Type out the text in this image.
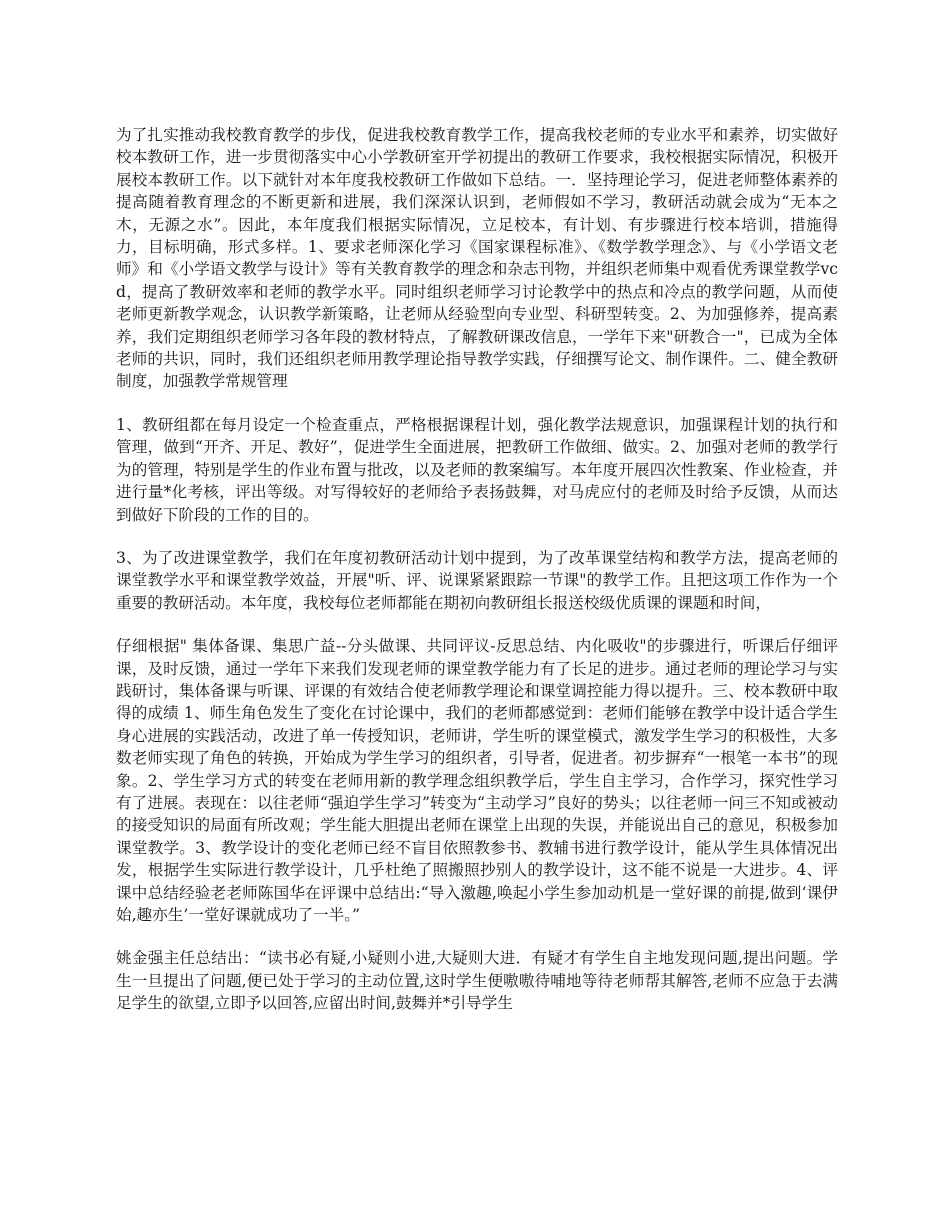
为了扎实推动我校教育教学的步伐，促进我校教育教学工作，提高我校老师的专业水平和素养，切实做好校本教研工作，进一步贯彻落实中心小学教研室开学初提出的教研工作要求，我校根据实际情况，积极开展校本教研工作。以下就针对本年度我校教研工作做如下总结。一．坚持理论学习，促进老师整体素养的提高随着教育理念的不断更新和进展，我们深深认识到，老师假如不学习，教研活动就会成为“无本之木，无源之水”。因此，本年度我们根据实际情况，立足校本，有计划、有步骤进行校本培训，措施得力，目标明确，形式多样。1、要求老师深化学习《国家课程标准》、《数学教学理念》、与《小学语文老师》和《小学语文教学与设计》等有关教育教学的理念和杂志刊物，并组织老师集中观看优秀课堂教学vcd，提高了教研效率和老师的教学水平。同时组织老师学习讨论教学中的热点和冷点的教学问题，从而使老师更新教学观念，认识教学新策略，让老师从经验型向专业型、科研型转变。2、为加强修养，提高素养，我们定期组织老师学习各年段的教材特点，了解教研课改信息，一学年下来"研教合一"，已成为全体老师的共识，同时，我们还组织老师用教学理论指导教学实践，仔细撰写论文、制作课件。二、健全教研制度，加强教学常规管理

1、教研组都在每月设定一个检查重点，严格根据课程计划，强化教学法规意识，加强课程计划的执行和管理，做到“开齐、开足、教好”，促进学生全面进展，把教研工作做细、做实。2、加强对老师的教学行为的管理，特别是学生的作业布置与批改，以及老师的教案编写。本年度开展四次性教案、作业检查，并进行量*化考核，评出等级。对写得较好的老师给予表扬鼓舞，对马虎应付的老师及时给予反馈，从而达到做好下阶段的工作的目的。

3、为了改进课堂教学，我们在年度初教研活动计划中提到，为了改革课堂结构和教学方法，提高老师的课堂教学水平和课堂教学效益，开展"听、评、说课紧紧跟踪一节课"的教学工作。且把这项工作作为一个重要的教研活动。本年度，我校每位老师都能在期初向教研组长报送校级优质课的课题和时间，

仔细根据" 集体备课、集思广益--分头做课、共同评议-反思总结、内化吸收"的步骤进行，听课后仔细评课，及时反馈，通过一学年下来我们发现老师的课堂教学能力有了长足的进步。通过老师的理论学习与实践研讨，集体备课与听课、评课的有效结合使老师教学理论和课堂调控能力得以提升。三、校本教研中取得的成绩 1、师生角色发生了变化在讨论课中，我们的老师都感觉到：老师们能够在教学中设计适合学生身心进展的实践活动，改进了单一传授知识，老师讲，学生听的课堂模式，激发学生学习的积极性，大多数老师实现了角色的转换，开始成为学生学习的组织者，引导者，促进者。初步摒弃“一根笔一本书”的现象。2、学生学习方式的转变在老师用新的教学理念组织教学后，学生自主学习，合作学习，探究性学习有了进展。表现在：以往老师“强迫学生学习”转变为“主动学习”良好的势头；以往老师一问三不知或被动的接受知识的局面有所改观；学生能大胆提出老师在课堂上出现的失误，并能说出自己的意见，积极参加课堂教学。3、教学设计的变化老师已经不盲目依照教参书、教辅书进行教学设计，能从学生具体情况出发，根据学生实际进行教学设计，几乎杜绝了照搬照抄别人的教学设计，这不能不说是一大进步。4、评课中总结经验老老师陈国华在评课中总结出:“导入激趣,唤起小学生参加动机是一堂好课的前提,做到‘课伊始,趣亦生’一堂好课就成功了一半。”

姚金强主任总结出：“读书必有疑,小疑则小进,大疑则大进．有疑才有学生自主地发现问题,提出问题。学生一旦提出了问题,便已处于学习的主动位置,这时学生便嗷嗷待哺地等待老师帮其解答,老师不应急于去满足学生的欲望,立即予以回答,应留出时间,鼓舞并*引导学生
